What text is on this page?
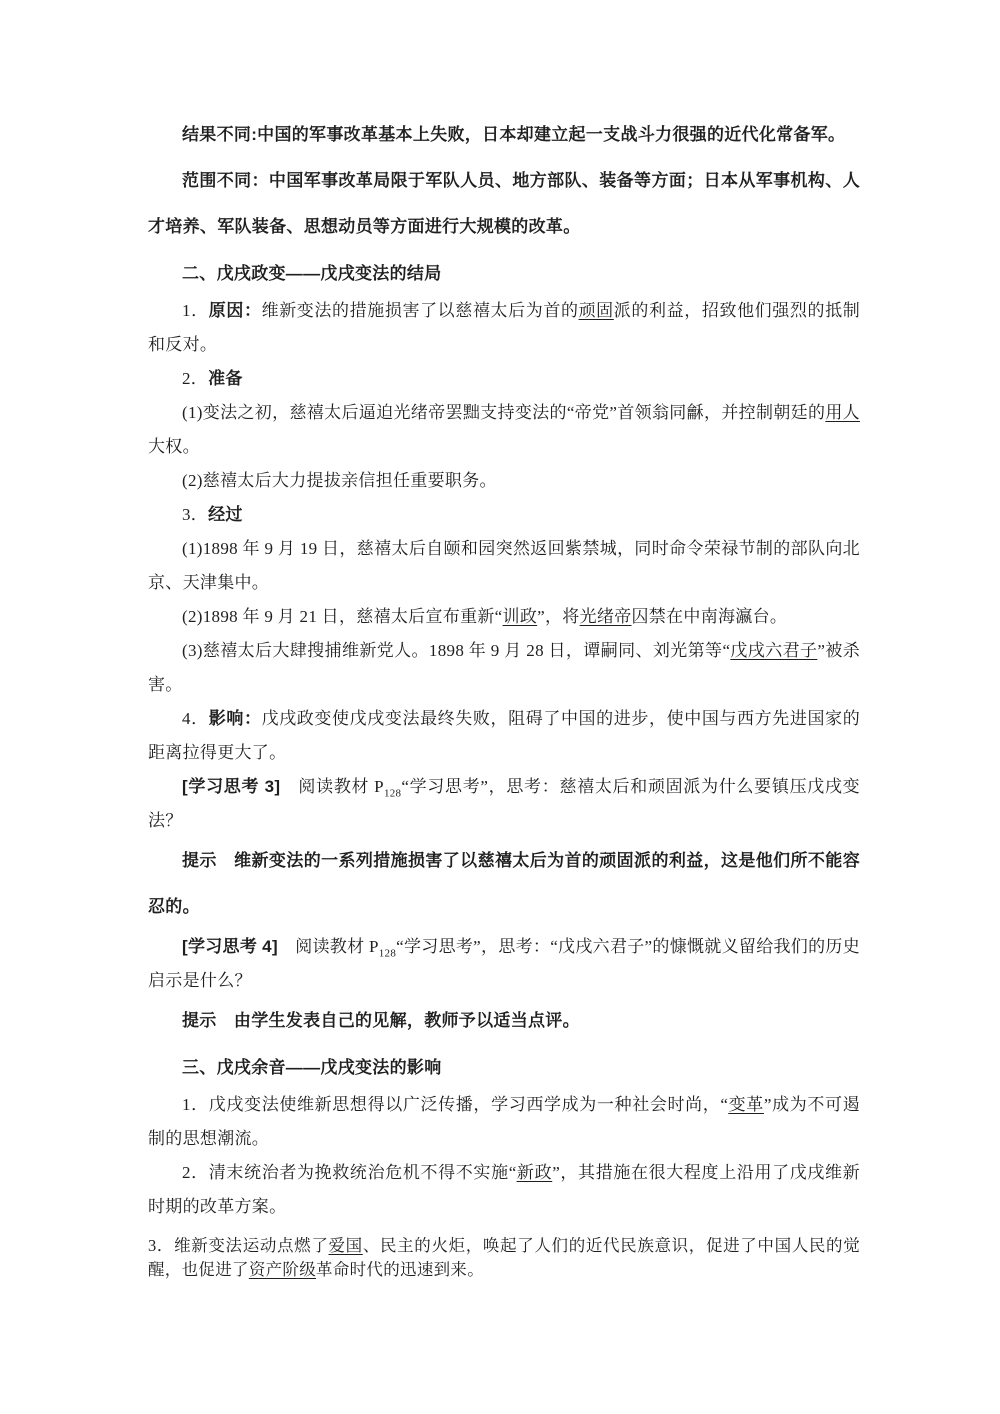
结果不同:中国的军事改革基本上失败，日本却建立起一支战斗力很强的近代化常备军。

范围不同：中国军事改革局限于军队人员、地方部队、装备等方面；日本从军事机构、人才培养、军队装备、思想动员等方面进行大规模的改革。

二、戊戌政变——戊戌变法的结局

1．原因：维新变法的措施损害了以慈禧太后为首的顽固派的利益，招致他们强烈的抵制和反对。

2．准备

(1)变法之初，慈禧太后逼迫光绪帝罢黜支持变法的“帝党”首领翁同龢，并控制朝廷的用人大权。

(2)慈禧太后大力提拔亲信担任重要职务。

3．经过

(1)1898 年 9 月 19 日，慈禧太后自颐和园突然返回紫禁城，同时命令荣禄节制的部队向北京、天津集中。

(2)1898 年 9 月 21 日，慈禧太后宣布重新“训政”，将光绪帝囚禁在中南海瀛台。

(3)慈禧太后大肆搜捕维新党人。1898 年 9 月 28 日，谭嗣同、刘光第等“戊戌六君子”被杀害。

4．影响：戊戌政变使戊戌变法最终失败，阻碍了中国的进步，使中国与西方先进国家的距离拉得更大了。

[学习思考 3]　阅读教材 $P_{128}“$学习思考”，思考：慈禧太后和顽固派为什么要镇压戊戌变法？

提示　维新变法的一系列措施损害了以慈禧太后为首的顽固派的利益，这是他们所不能容忍的。

[学习思考 4]　阅读教材 $P_{128}“$学习思考”，思考：“戊戌六君子”的慷慨就义留给我们的历史启示是什么？

提示　由学生发表自己的见解，教师予以适当点评。

三、戊戌余音——戊戌变法的影响

1．戊戌变法使维新思想得以广泛传播，学习西学成为一种社会时尚，“变革”成为不可遏制的思想潮流。

2．清末统治者为挽救统治危机不得不实施“新政”，其措施在很大程度上沿用了戊戌维新时期的改革方案。

3．维新变法运动点燃了爱国、民主的火炬，唤起了人们的近代民族意识，促进了中国人民的觉醒，也促进了资产阶级革命时代的迅速到来。
